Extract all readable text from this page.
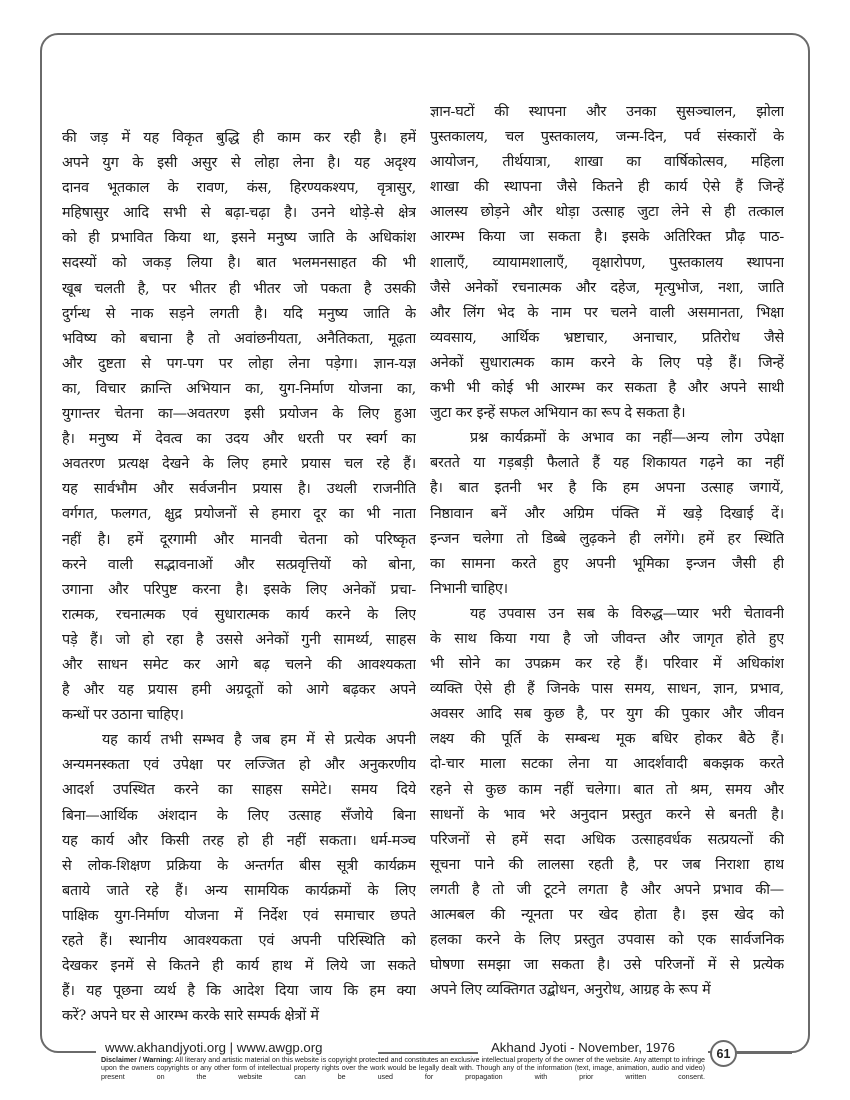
की जड़ में यह विकृत बुद्धि ही काम कर रही है। हमें
अपने युग के इसी असुर से लोहा लेना है। यह अदृश्य
दानव भूतकाल के रावण, कंस, हिरण्यकश्यप, वृत्रासुर,
महिषासुर आदि सभी से बढ़ा-चढ़ा है। उनने थोड़े-से क्षेत्र
को ही प्रभावित किया था, इसने मनुष्य जाति के अधिकांश
सदस्यों को जकड़ लिया है। बात भलमनसाहत की भी
खूब चलती है, पर भीतर ही भीतर जो पकता है उसकी
दुर्गन्ध से नाक सड़ने लगती है। यदि मनुष्य जाति के
भविष्य को बचाना है तो अवांछनीयता, अनैतिकता, मूढ़ता
और दुष्टता से पग-पग पर लोहा लेना पड़ेगा। ज्ञान-यज्ञ
का, विचार क्रान्ति अभियान का, युग-निर्माण योजना का,
युगान्तर चेतना का—अवतरण इसी प्रयोजन के लिए हुआ
है। मनुष्य में देवत्व का उदय और धरती पर स्वर्ग का
अवतरण प्रत्यक्ष देखने के लिए हमारे प्रयास चल रहे हैं।
यह सार्वभौम और सर्वजनीन प्रयास है। उथली राजनीति
वर्गगत, फलगत, क्षुद्र प्रयोजनों से हमारा दूर का भी नाता
नहीं है। हमें दूरगामी और मानवी चेतना को परिष्कृत
करने वाली सद्भावनाओं और सत्प्रवृत्तियों को बोना,
उगाना और परिपुष्ट करना है। इसके लिए अनेकों प्रचा-
रात्मक, रचनात्मक एवं सुधारात्मक कार्य करने के लिए
पड़े हैं। जो हो रहा है उससे अनेकों गुनी सामर्थ्य, साहस
और साधन समेट कर आगे बढ़ चलने की आवश्यकता
है और यह प्रयास हमी अग्रदूतों को आगे बढ़कर अपने
कन्धों पर उठाना चाहिए।
यह कार्य तभी सम्भव है जब हम में से प्रत्येक अपनी
अन्यमनस्कता एवं उपेक्षा पर लज्जित हो और अनुकरणीय
आदर्श उपस्थित करने का साहस समेटे। समय दिये
बिना—आर्थिक अंशदान के लिए उत्साह सँजोये बिना
यह कार्य और किसी तरह हो ही नहीं सकता। धर्म-मञ्च
से लोक-शिक्षण प्रक्रिया के अन्तर्गत बीस सूत्री कार्यक्रम
बताये जाते रहे हैं। अन्य सामयिक कार्यक्रमों के लिए
पाक्षिक युग-निर्माण योजना में निर्देश एवं समाचार छपते
रहते हैं। स्थानीय आवश्यकता एवं अपनी परिस्थिति को
देखकर इनमें से कितने ही कार्य हाथ में लिये जा सकते
हैं। यह पूछना व्यर्थ है कि आदेश दिया जाय कि हम क्या
करें? अपने घर से आरम्भ करके सारे सम्पर्क क्षेत्रों में
ज्ञान-घटों की स्थापना और उनका सुसञ्चालन, झोला
पुस्तकालय, चल पुस्तकालय, जन्म-दिन, पर्व संस्कारों के
आयोजन, तीर्थयात्रा, शाखा का वार्षिकोत्सव, महिला
शाखा की स्थापना जैसे कितने ही कार्य ऐसे हैं जिन्हें
आलस्य छोड़ने और थोड़ा उत्साह जुटा लेने से ही तत्काल
आरम्भ किया जा सकता है। इसके अतिरिक्त प्रौढ़ पाठ-
शालाएँ, व्यायामशालाएँ, वृक्षारोपण, पुस्तकालय स्थापना
जैसे अनेकों रचनात्मक और दहेज, मृत्युभोज, नशा, जाति
और लिंग भेद के नाम पर चलने वाली असमानता, भिक्षा
व्यवसाय, आर्थिक भ्रष्टाचार, अनाचार, प्रतिरोध जैसे
अनेकों सुधारात्मक काम करने के लिए पड़े हैं। जिन्हें
कभी भी कोई भी आरम्भ कर सकता है और अपने साथी
जुटा कर इन्हें सफल अभियान का रूप दे सकता है।
प्रश्न कार्यक्रमों के अभाव का नहीं—अन्य लोग उपेक्षा
बरतते या गड़बड़ी फैलाते हैं यह शिकायत गढ़ने का नहीं
है। बात इतनी भर है कि हम अपना उत्साह जगायें,
निष्ठावान बनें और अग्रिम पंक्ति में खड़े दिखाई दें।
इन्जन चलेगा तो डिब्बे लुढ़कने ही लगेंगे। हमें हर स्थिति
का सामना करते हुए अपनी भूमिका इन्जन जैसी ही
निभानी चाहिए।
यह उपवास उन सब के विरुद्ध—प्यार भरी चेतावनी
के साथ किया गया है जो जीवन्त और जागृत होते हुए
भी सोने का उपक्रम कर रहे हैं। परिवार में अधिकांश
व्यक्ति ऐसे ही हैं जिनके पास समय, साधन, ज्ञान, प्रभाव,
अवसर आदि सब कुछ है, पर युग की पुकार और जीवन
लक्ष्य की पूर्ति के सम्बन्ध मूक बधिर होकर बैठे हैं।
दो-चार माला सटका लेना या आदर्शवादी बकझक करते
रहने से कुछ काम नहीं चलेगा। बात तो श्रम, समय और
साधनों के भाव भरे अनुदान प्रस्तुत करने से बनती है।
परिजनों से हमें सदा अधिक उत्साहवर्धक सत्प्रयत्नों की
सूचना पाने की लालसा रहती है, पर जब निराशा हाथ
लगती है तो जी टूटने लगता है और अपने प्रभाव की—
आत्मबल की न्यूनता पर खेद होता है। इस खेद को
हलका करने के लिए प्रस्तुत उपवास को एक सार्वजनिक
घोषणा समझा जा सकता है। उसे परिजनों में से प्रत्येक
अपने लिए व्यक्तिगत उद्बोधन, अनुरोध, आग्रह के रूप में
www.akhandjyoti.org | www.awgp.org	Akhand Jyoti - November, 1976	61
Disclaimer / Warning: All literary and artistic material on this website is copyright protected and constitutes an exclusive intellectual property of the owner of the website. Any attempt to infringe upon the owners copyrights or any other form of intellectual property rights over the work would be legally dealt with. Though any of the information (text, image, animation, audio and video) present on the website can be used for propagation with prior written consent.
